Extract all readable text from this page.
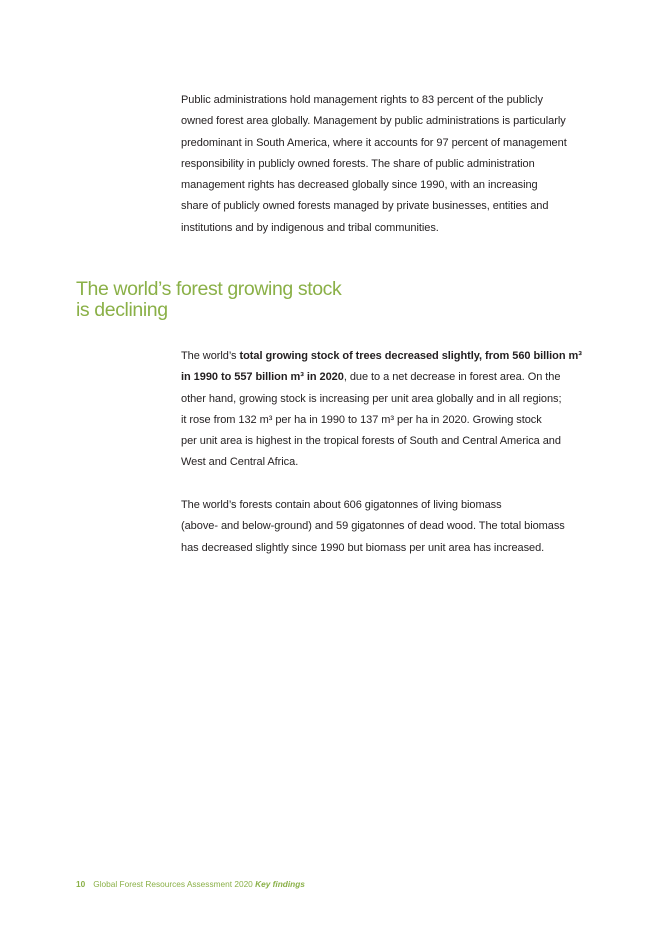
Public administrations hold management rights to 83 percent of the publicly
owned forest area globally. Management by public administrations is particularly
predominant in South America, where it accounts for 97 percent of management
responsibility in publicly owned forests. The share of public administration
management rights has decreased globally since 1990, with an increasing
share of publicly owned forests managed by private businesses, entities and
institutions and by indigenous and tribal communities.

The world’s forest growing stock
is declining

The world’s total growing stock of trees decreased slightly, from 560 billion m³
in 1990 to 557 billion m³ in 2020, due to a net decrease in forest area. On the
other hand, growing stock is increasing per unit area globally and in all regions;
it rose from 132 m³ per ha in 1990 to 137 m³ per ha in 2020. Growing stock
per unit area is highest in the tropical forests of South and Central America and
West and Central Africa.

The world’s forests contain about 606 gigatonnes of living biomass
(above- and below-ground) and 59 gigatonnes of dead wood. The total biomass
has decreased slightly since 1990 but biomass per unit area has increased.

10 Global Forest Resources Assessment 2020 Key findings
